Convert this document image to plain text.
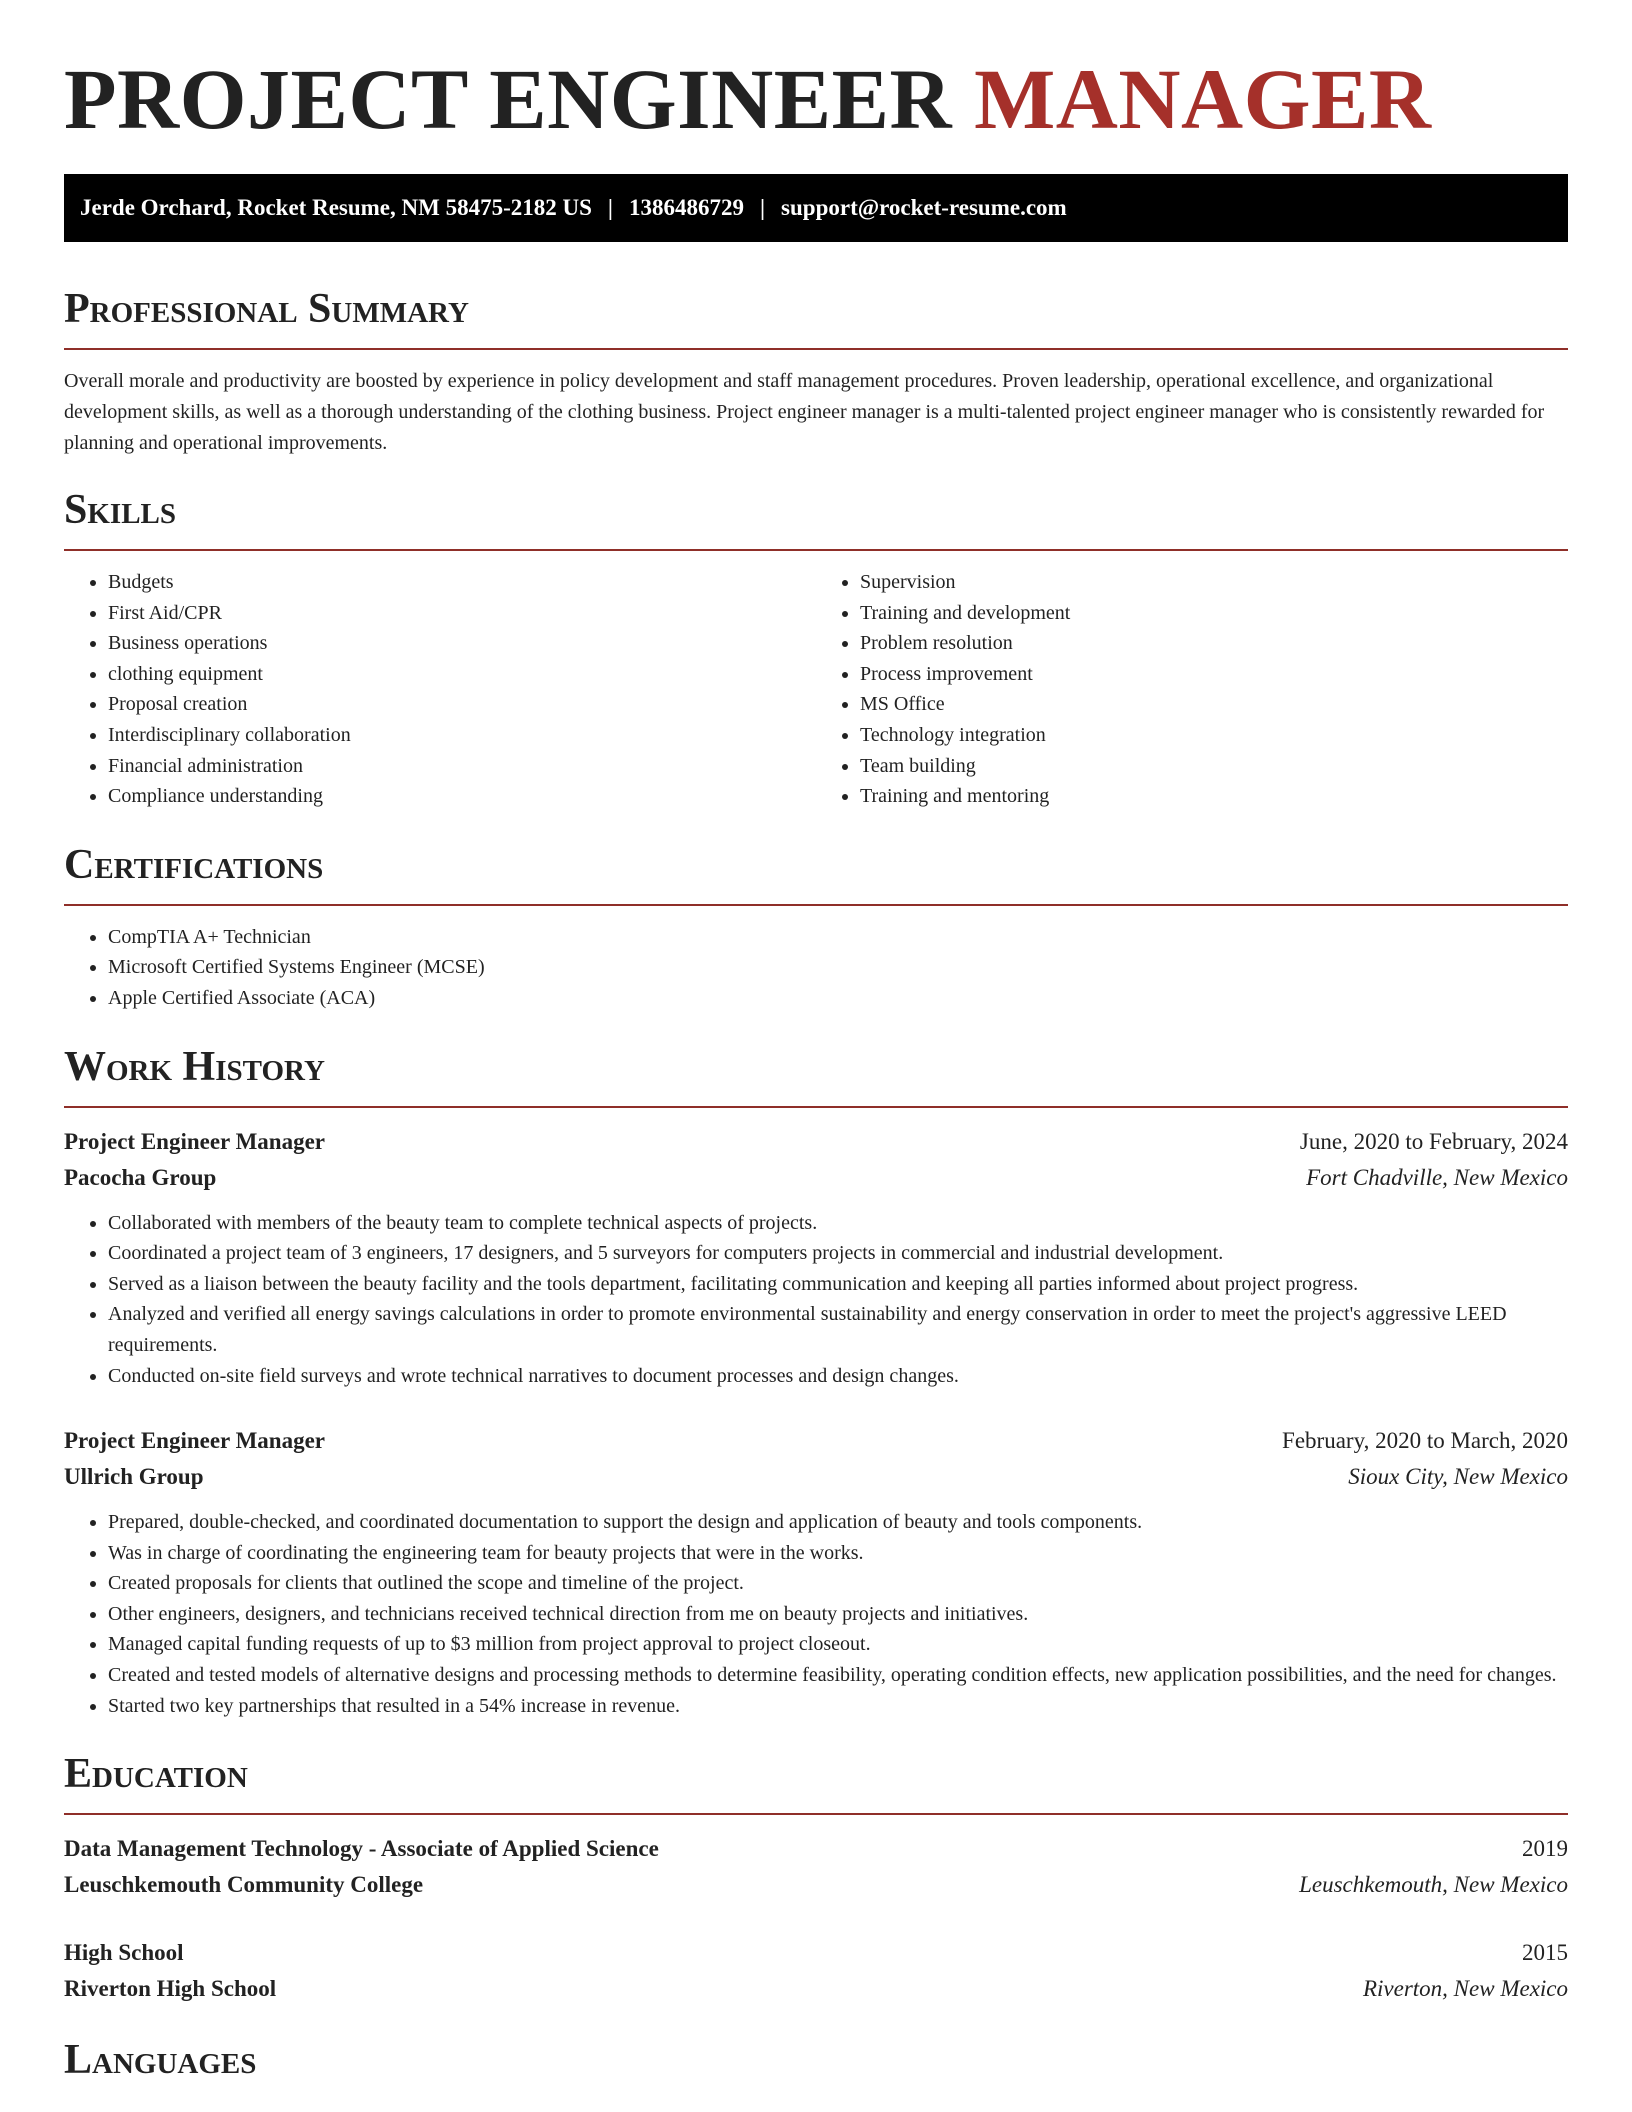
PROJECT ENGINEER MANAGER
Jerde Orchard, Rocket Resume, NM 58475-2182 US | 1386486729 | support@rocket-resume.com
Professional Summary

Overall morale and productivity are boosted by experience in policy development and staff management procedures. Proven leadership, operational excellence, and organizational development skills, as well as a thorough understanding of the clothing business. Project engineer manager is a multi-talented project engineer manager who is consistently rewarded for planning and operational improvements.

Skills
• Budgets
• First Aid/CPR
• Business operations
• clothing equipment
• Proposal creation
• Interdisciplinary collaboration
• Financial administration
• Compliance understanding
• Supervision
• Training and development
• Problem resolution
• Process improvement
• MS Office
• Technology integration
• Team building
• Training and mentoring
Certifications
• CompTIA A+ Technician
• Microsoft Certified Systems Engineer (MCSE)
• Apple Certified Associate (ACA)
Work History
Project Engineer Manager	June, 2020 to February, 2024
Pacocha Group	Fort Chadville, New Mexico
• Collaborated with members of the beauty team to complete technical aspects of projects.
• Coordinated a project team of 3 engineers, 17 designers, and 5 surveyors for computers projects in commercial and industrial development.
• Served as a liaison between the beauty facility and the tools department, facilitating communication and keeping all parties informed about project progress.
• Analyzed and verified all energy savings calculations in order to promote environmental sustainability and energy conservation in order to meet the project's aggressive LEED requirements.
• Conducted on-site field surveys and wrote technical narratives to document processes and design changes.
Project Engineer Manager	February, 2020 to March, 2020
Ullrich Group	Sioux City, New Mexico
• Prepared, double-checked, and coordinated documentation to support the design and application of beauty and tools components.
• Was in charge of coordinating the engineering team for beauty projects that were in the works.
• Created proposals for clients that outlined the scope and timeline of the project.
• Other engineers, designers, and technicians received technical direction from me on beauty projects and initiatives.
• Managed capital funding requests of up to $3 million from project approval to project closeout.
• Created and tested models of alternative designs and processing methods to determine feasibility, operating condition effects, new application possibilities, and the need for changes.
• Started two key partnerships that resulted in a 54% increase in revenue.
Education
Data Management Technology - Associate of Applied Science	2019
Leuschkemouth Community College	Leuschkemouth, New Mexico
High School	2015
Riverton High School	Riverton, New Mexico
Languages
